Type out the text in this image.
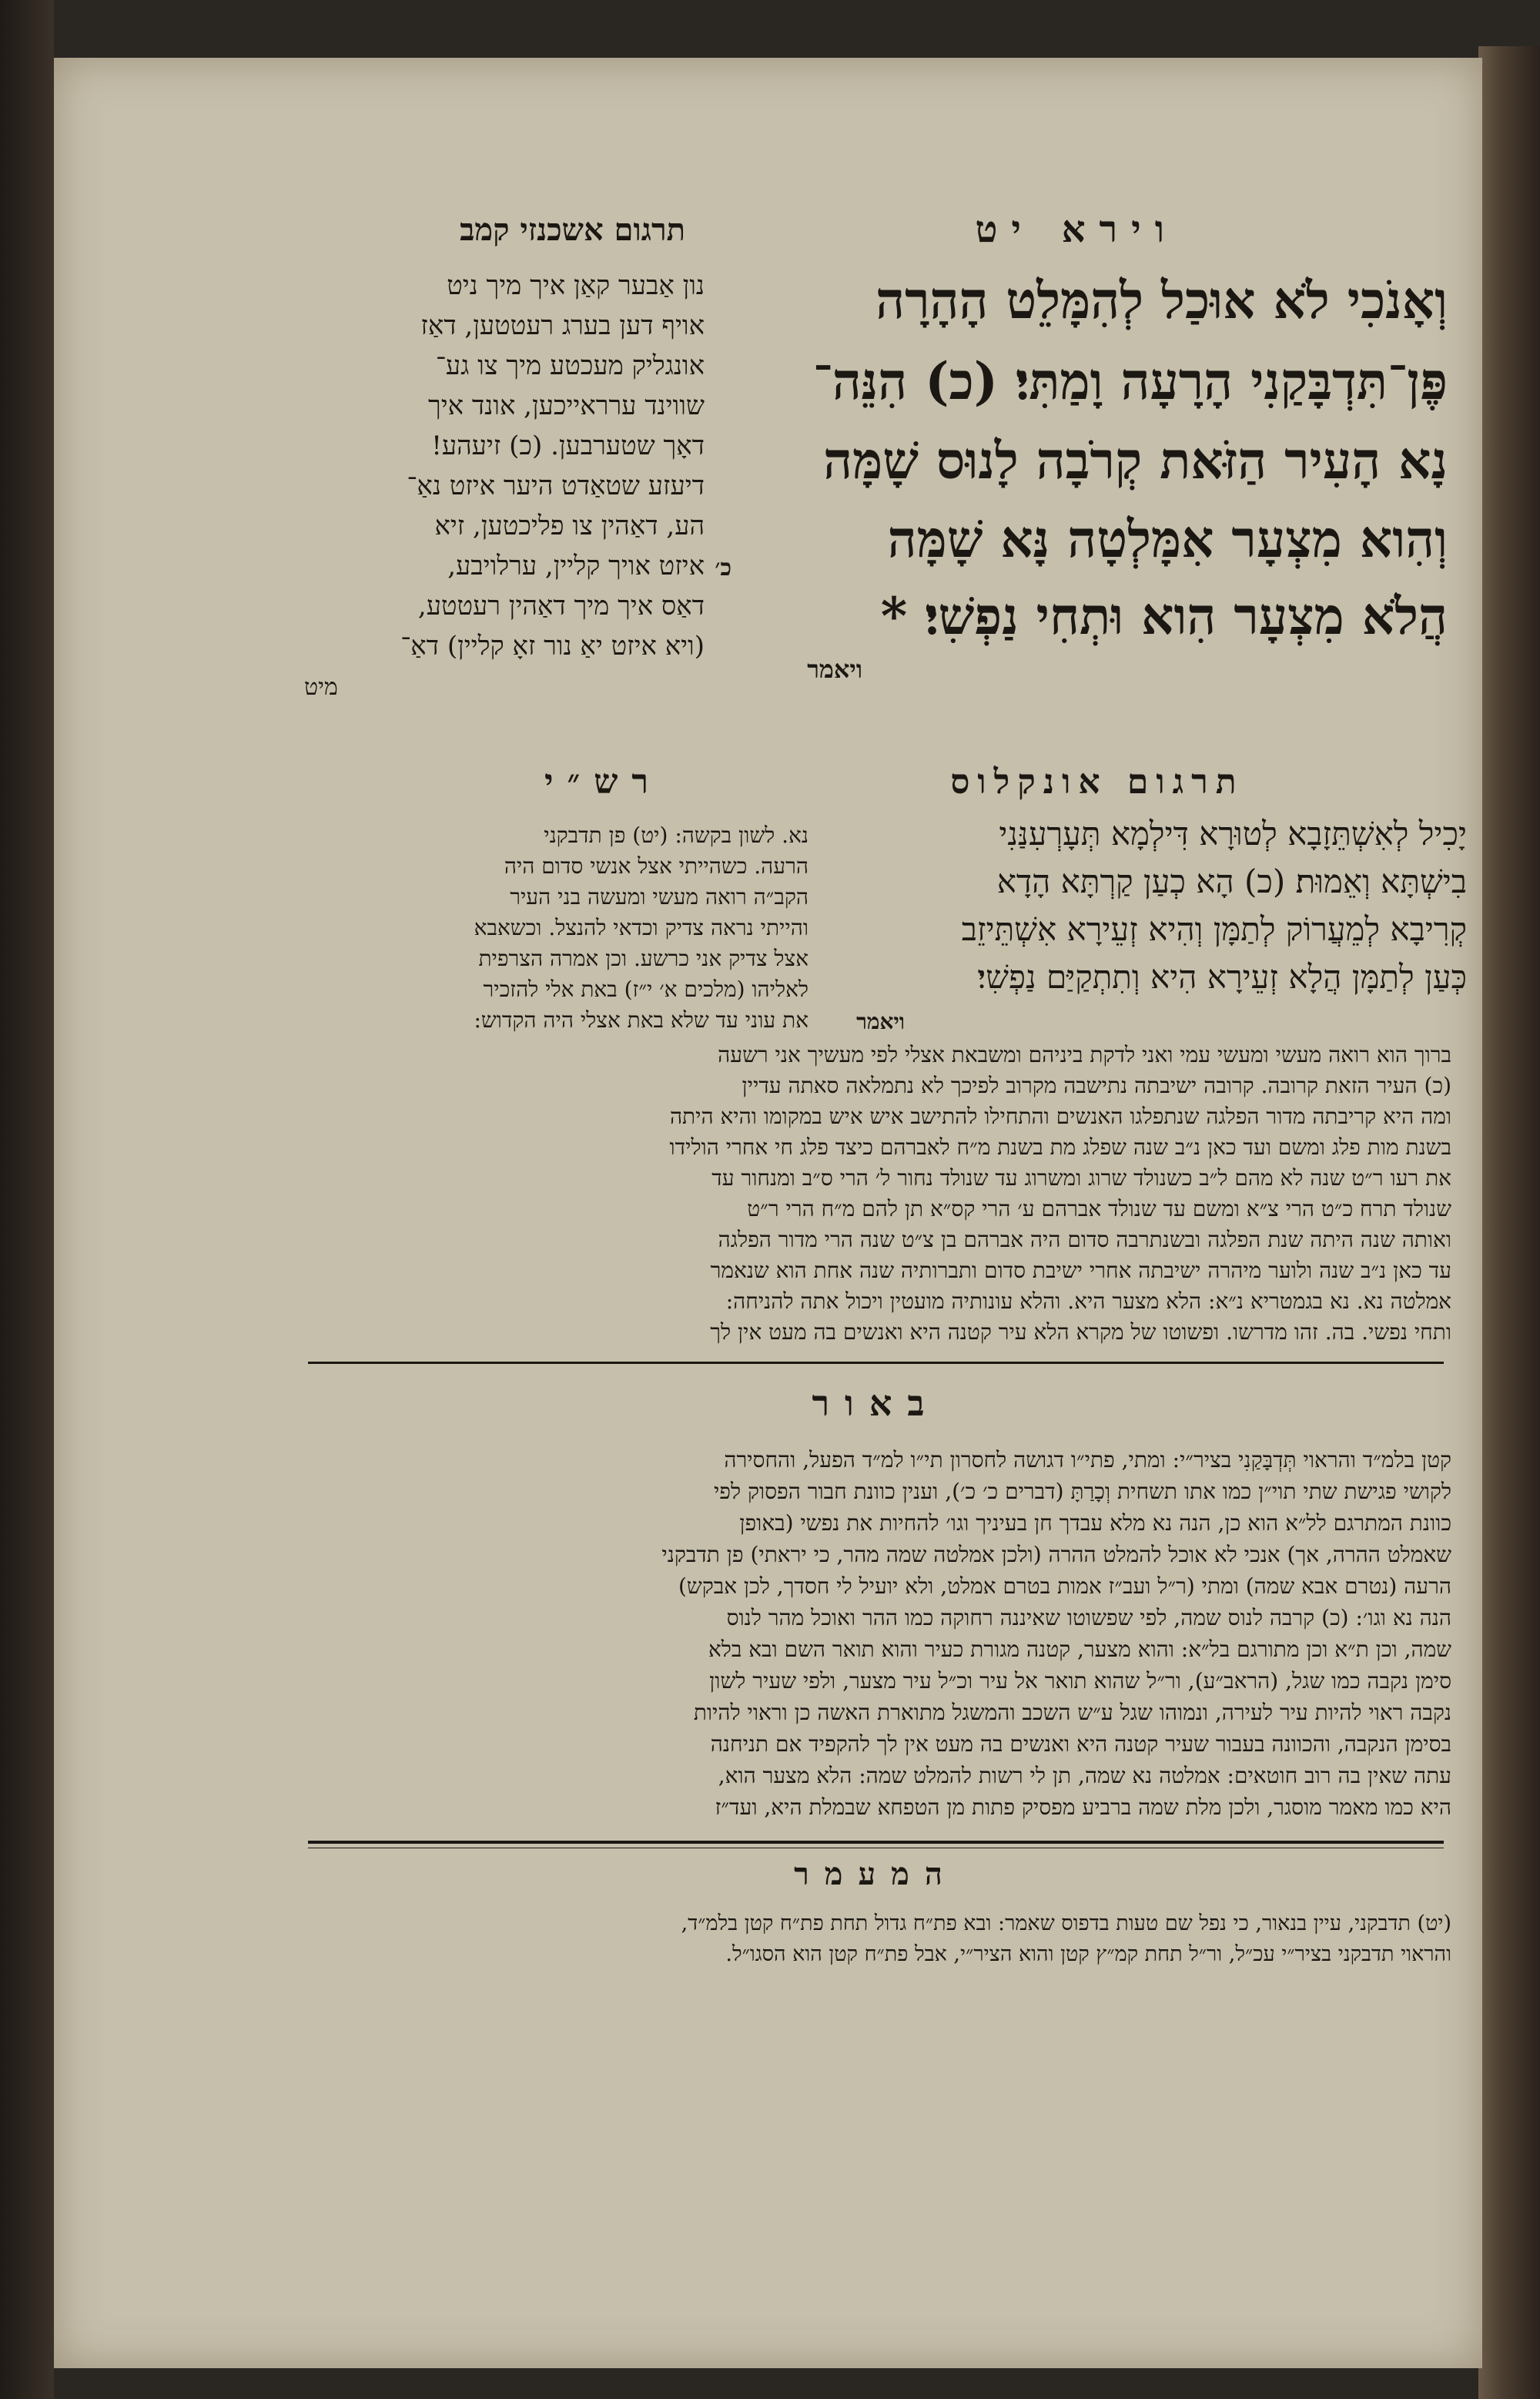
וירא יט
תרגום אשכנזי קמב
וְאָנֹכִי לֹא אוּכַל לְהִמָּלֵט הָהָרָה
פֶּן־תִּדְבָּקַנִי הָרָעָה וָמַתִּי׃ (כ) הִנֵּה־
נָא הָעִיר הַזֹּאת קְרֹבָה לָנוּס שָׁמָּה
וְהִוא מִצְעָר אִמָּלְטָה נָּא שָׁמָּה
הֲלֹא מִצְעָר הִוא וּתְחִי נַפְשִׁי׃ *
כ׳
ויאמר
נון אַבער קאַן איך מיך ניט
אויף דען בערג רעטטען, דאַז
אונגליק מעכטע מיך צו גע־
שווינד ערראייכען, אונד איך
דאָך שטערבען. (כ) זיעהע!
דיעזע שטאַדט היער איזט נאַ־
הע, דאַהין צו פליכטען, זיא
איזט אויך קליין, ערלויבע,
דאַס איך מיך דאַהין רעטטע,
(ויא איזט יאַ נור זאָ קליין) דאַ־
מיט
תרגום אונקלוס
יָכִיל לְאִשְׁתֵּזָבָא לְטוּרָא דִּילְמָא תְּעָרְעִנַּנִי
בִישְׁתָּא וְאֵמוּת׃ (כ) הָא כְעַן קַרְתָּא הָדָא
קְרִיבָא לְמֵעֲרוֹק לְתַמָּן וְהִיא זְעֵירָא אִשְׁתֵּיזֵב
כְּעַן לְתַמָּן הֲלָא זְעֵירָא הִיא וְתִתְקַיַּם נַפְשִׁי׃
ויאמר
רש״י
נא. לשון בקשה: (יט) פן תדבקני
הרעה. כשהייתי אצל אנשי סדום היה
הקב״ה רואה מעשי ומעשה בני העיר
והייתי נראה צדיק וכדאי להנצל. וכשאבא
אצל צדיק אני כרשע. וכן אמרה הצרפית
לאליהו (מלכים א׳ י״ז) באת אלי להזכיר
את עוני עד שלא באת אצלי היה הקדוש:
ברוך הוא רואה מעשי ומעשי עמי ואני לדקת ביניהם ומשבאת אצלי לפי מעשיך אני רשעה
(כ) העיר הזאת קרובה. קרובה ישיבתה נתישבה מקרוב לפיכך לא נתמלאה סאתה עדיין
ומה היא קריבתה מדור הפלגה שנתפלגו האנשים והתחילו להתישב איש איש במקומו והיא היתה
בשנת מות פלג ומשם ועד כאן נ״ב שנה שפלג מת בשנת מ״ח לאברהם כיצד פלג חי אחרי הולידו
את רעו ר״ט שנה לא מהם ל״ב כשנולד שרוג ומשרוג עד שנולד נחור ל׳ הרי ס״ב ומנחור עד
שנולד תרח כ״ט הרי צ״א ומשם עד שנולד אברהם ע׳ הרי קס״א תן להם מ״ח הרי ר״ט
ואותה שנה היתה שנת הפלגה ובשנתרבה סדום היה אברהם בן צ״ט שנה הרי מדור הפלגה
עד כאן נ״ב שנה ולוער מיהרה ישיבתה אחרי ישיבת סדום ותברותיה שנה אחת הוא שנאמר
אמלטה נא. נא בגמטריא נ״א: הלא מצער היא. והלא עונותיה מועטין ויכול אתה להניחה:
ותחי נפשי. בה. זהו מדרשו. ופשוטו של מקרא הלא עיר קטנה היא ואנשים בה מעט אין לך
באור
קטן בלמ״ד והראוי תְּדְבָּקַנִי בציר״י: ומתי, פתי״ו דגושה לחסרון תי״ו למ״ד הפעל, והחסירה
לקושי פגישת שתי תוי״ן כמו אתו תשחית וְכָרַתָּ (דברים כ׳ כ׳), וענין כוונת חבור הפסוק לפי
כוונת המתרגם לל״א הוא כן, הנה נא מלא עבדך חן בעיניך וגו׳ להחיות את נפשי (באופן
שאמלט ההרה, אך) אנכי לא אוכל להמלט ההרה (ולכן אמלטה שמה מהר, כי יראתי) פן תדבקני
הרעה (נטרם אבא שמה) ומתי (ר״ל ועב״ז אמות בטרם אמלט, ולא יועיל לי חסדך, לכן אבקש)
הנה נא וגו׳: (כ) קרבה לנוס שמה, לפי שפשוטו שאיננה רחוקה כמו ההר ואוכל מהר לנוס
שמה, וכן ת״א וכן מתורגם בל״א: והוא מצער, קטנה מגורת כעיר והוא תואר השם ובא בלא
סימן נקבה כמו שגל, (הראב״ע), ור״ל שהוא תואר אל עיר וכ״ל עיר מצער, ולפי שעיר לשון
נקבה ראוי להיות עיר לעירה, ונמוהו שגל ע״ש השכב והמשגל מתוארת האשה כן וראוי להיות
בסימן הנקבה, והכוונה בעבור שעיר קטנה היא ואנשים בה מעט אין לך להקפיד אם תניחנה
עתה שאין בה רוב חוטאים: אמלטה נא שמה, תן לי רשות להמלט שמה: הלא מצער הוא,
היא כמו מאמר מוסגר, ולכן מלת שמה ברביע מפסיק פתות מן הטפחא שבמלת היא, ועד״ז
המעמר
(יט) תדבקני, עיין בנאור, כי נפל שם טעות בדפוס שאמר: ובא פת״ח גדול תחת פת״ח קטן בלמ״ד,
והראוי תדבקני בציר״י עכ״ל, ור״ל תחת קמ״ץ קטן והוא הציר״י, אבל פת״ח קטן הוא הסגו״ל.
